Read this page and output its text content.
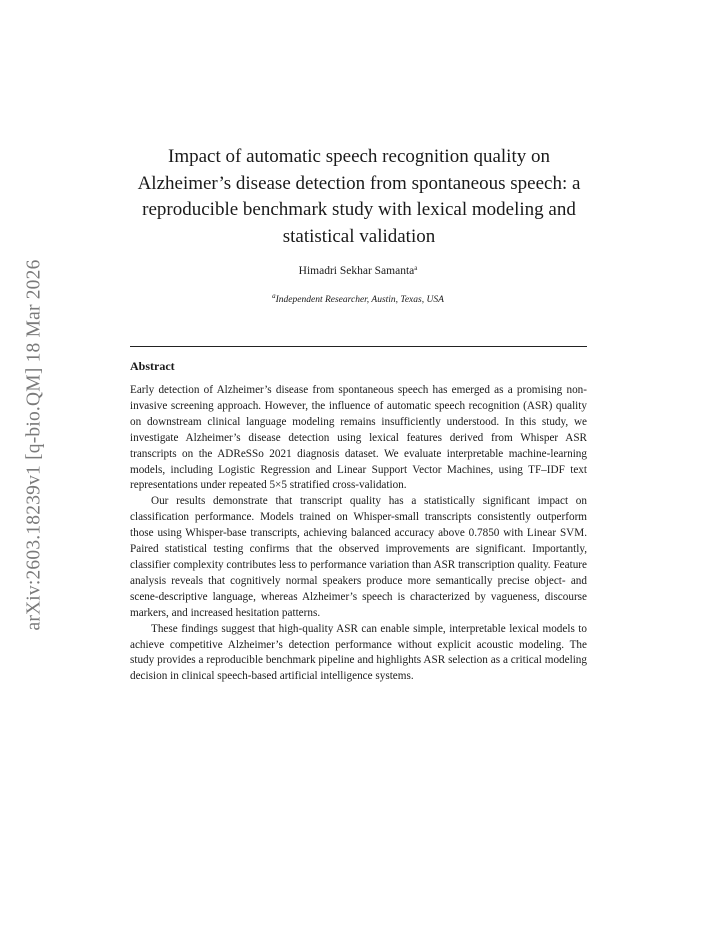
arXiv:2603.18239v1 [q-bio.QM] 18 Mar 2026
Impact of automatic speech recognition quality on Alzheimer’s disease detection from spontaneous speech: a reproducible benchmark study with lexical modeling and statistical validation
Himadri Sekhar Samanta$^a$
$^a$Independent Researcher, Austin, Texas, USA
Abstract

Early detection of Alzheimer’s disease from spontaneous speech has emerged as a promising non-invasive screening approach. However, the influence of automatic speech recognition (ASR) quality on downstream clinical language modeling remains insufficiently understood. In this study, we investigate Alzheimer’s disease detection using lexical features derived from Whisper ASR transcripts on the ADReSSo 2021 diagnosis dataset. We evaluate interpretable machine-learning models, including Logistic Regression and Linear Support Vector Machines, using TF–IDF text representations under repeated 5×5 stratified cross-validation.

Our results demonstrate that transcript quality has a statistically significant impact on classification performance. Models trained on Whisper-small transcripts consistently outperform those using Whisper-base transcripts, achieving balanced accuracy above 0.7850 with Linear SVM. Paired statistical testing confirms that the observed improvements are significant. Importantly, classifier complexity contributes less to performance variation than ASR transcription quality. Feature analysis reveals that cognitively normal speakers produce more semantically precise object- and scene-descriptive language, whereas Alzheimer’s speech is characterized by vagueness, discourse markers, and increased hesitation patterns.

These findings suggest that high-quality ASR can enable simple, interpretable lexical models to achieve competitive Alzheimer’s detection performance without explicit acoustic modeling. The study provides a reproducible benchmark pipeline and highlights ASR selection as a critical modeling decision in clinical speech-based artificial intelligence systems.
